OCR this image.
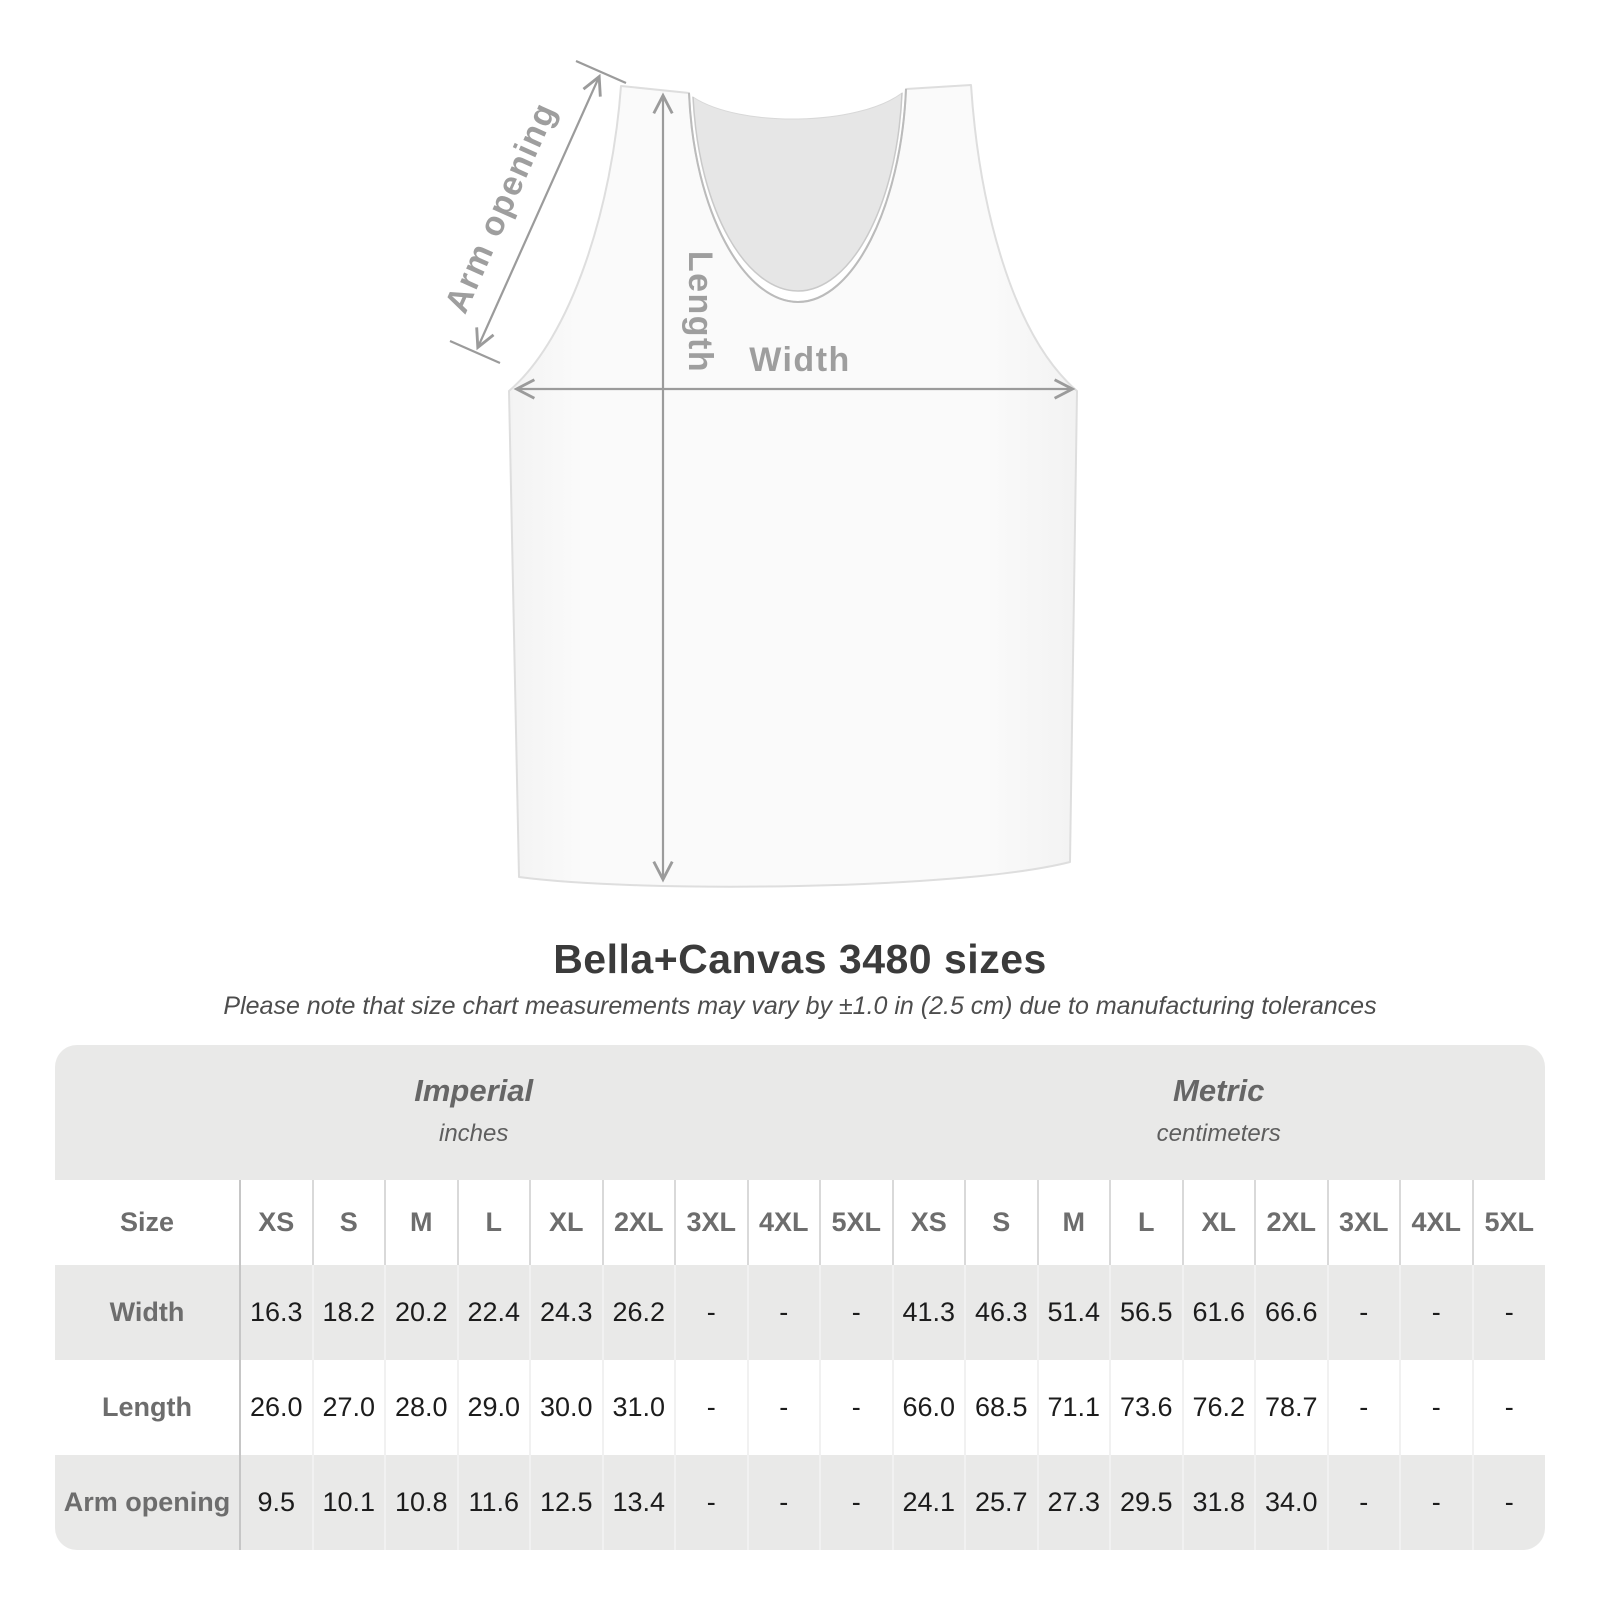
Width
Length
Arm opening
Bella+Canvas 3480 sizes

Please note that size chart measurements may vary by ±1.0 in (2.5 cm) due to manufacturing tolerances

Imperial
inches
Metric
centimeters
Size	XS	S	M	L	XL	2XL	3XL	4XL	5XL	XS	S	M	L	XL	2XL	3XL	4XL	5XL
Width	16.3	18.2	20.2	22.4	24.3	26.2	-	-	-	41.3	46.3	51.4	56.5	61.6	66.6	-	-	-
Length	26.0	27.0	28.0	29.0	30.0	31.0	-	-	-	66.0	68.5	71.1	73.6	76.2	78.7	-	-	-
Arm opening	9.5	10.1	10.8	11.6	12.5	13.4	-	-	-	24.1	25.7	27.3	29.5	31.8	34.0	-	-	-
